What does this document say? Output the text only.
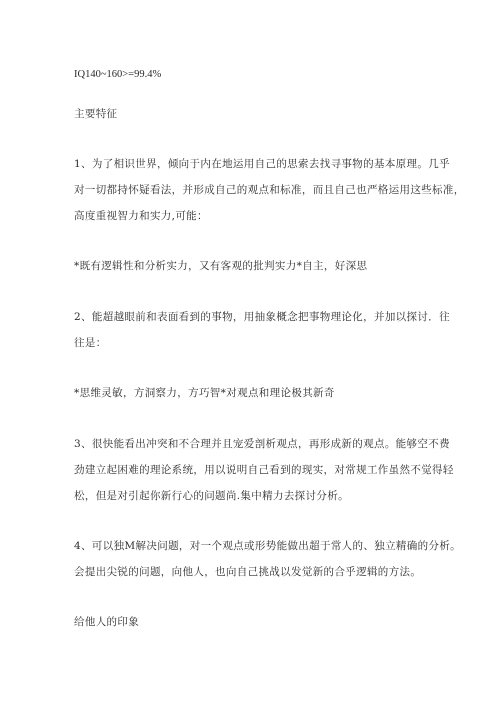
IQ140~160>=99.4%
主要特征
1、为了相识世界，倾向于内在地运用自己的思索去找寻事物的基本原理。几乎
对一切都持怀疑看法，并形成自己的观点和标准，而且自己也严格运用这些标准，
高度重视智力和实力,可能：
*既有逻辑性和分析实力，又有客观的批判实力*自主，好深思
2、能超越眼前和表面看到的事物，用抽象概念把事物理论化，并加以探讨．往
往是：
*思维灵敏，方洞察力，方巧智*对观点和理论极其新奇
3、很快能看出冲突和不合理并且宠爱剖析观点，再形成新的观点。能够空不费
劲建立起困难的理论系统，用以说明自己看到的现实，对常规工作虽然不觉得轻
松，但是对引起你新行心的问题尚.集中精力去探讨分析。
4、可以独M解决问题，对一个观点或形势能做出超于常人的、独立精确的分析。
会提出尖锐的问题，向他人，也向自己挑战以发觉新的合乎逻辑的方法。
给他人的印象
